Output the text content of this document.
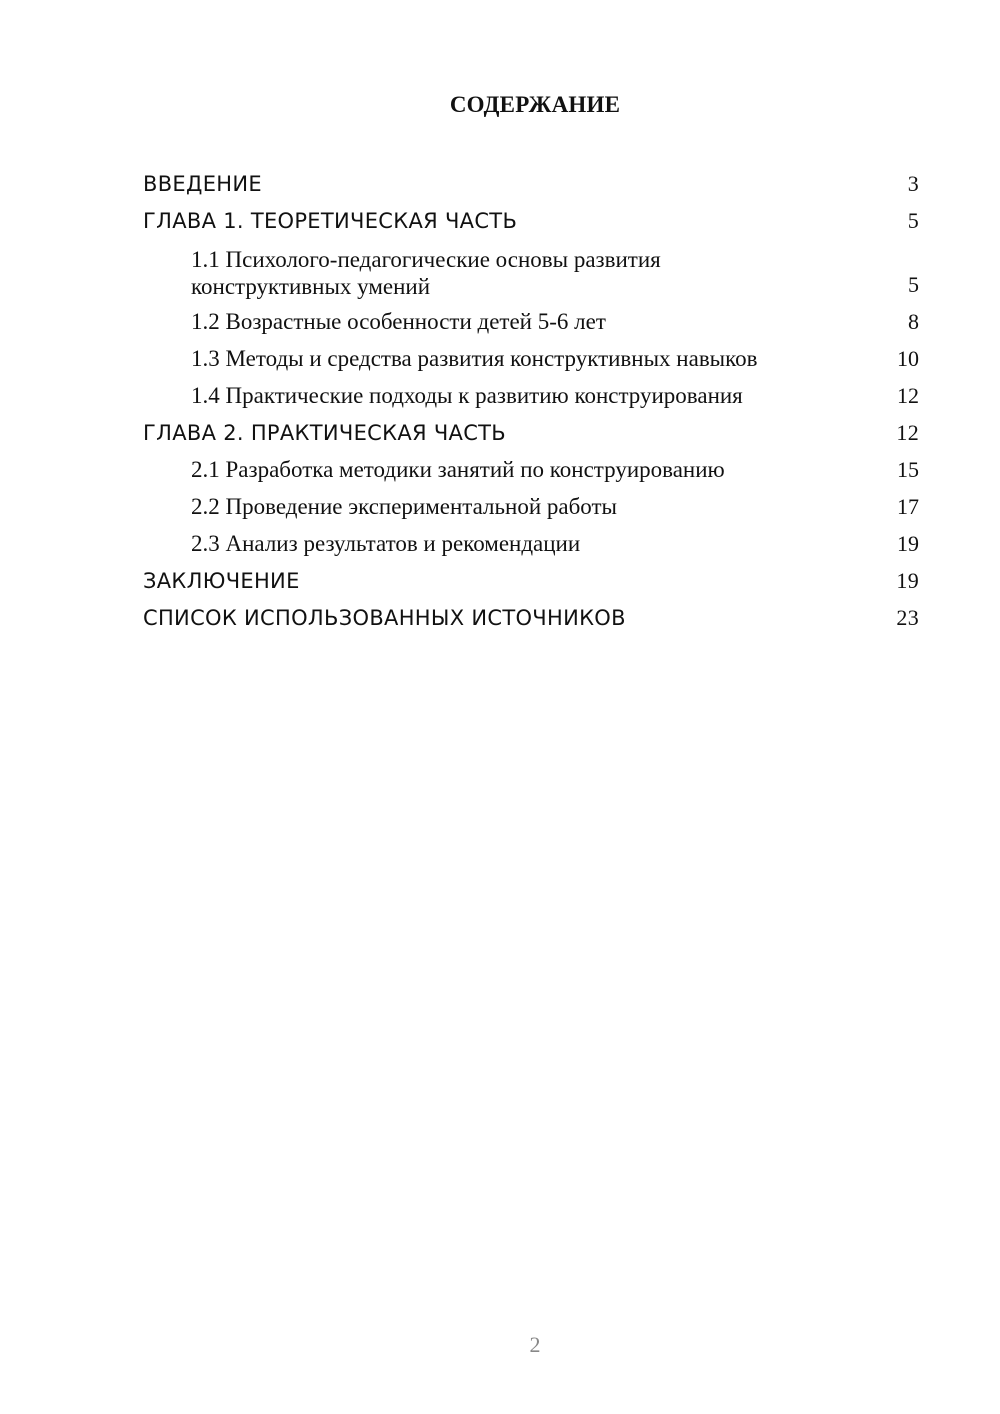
СОДЕРЖАНИЕ
ВВЕДЕНИЕ	3
ГЛАВА 1. ТЕОРЕТИЧЕСКАЯ ЧАСТЬ	5
1.1 Психолого-педагогические основы развития конструктивных умений	5
1.2 Возрастные особенности детей 5-6 лет	8
1.3 Методы и средства развития конструктивных навыков	10
1.4 Практические подходы к развитию конструирования	12
ГЛАВА 2. ПРАКТИЧЕСКАЯ ЧАСТЬ	12
2.1 Разработка методики занятий по конструированию	15
2.2 Проведение экспериментальной работы	17
2.3 Анализ результатов и рекомендации	19
ЗАКЛЮЧЕНИЕ	19
СПИСОК ИСПОЛЬЗОВАННЫХ ИСТОЧНИКОВ	23
2
